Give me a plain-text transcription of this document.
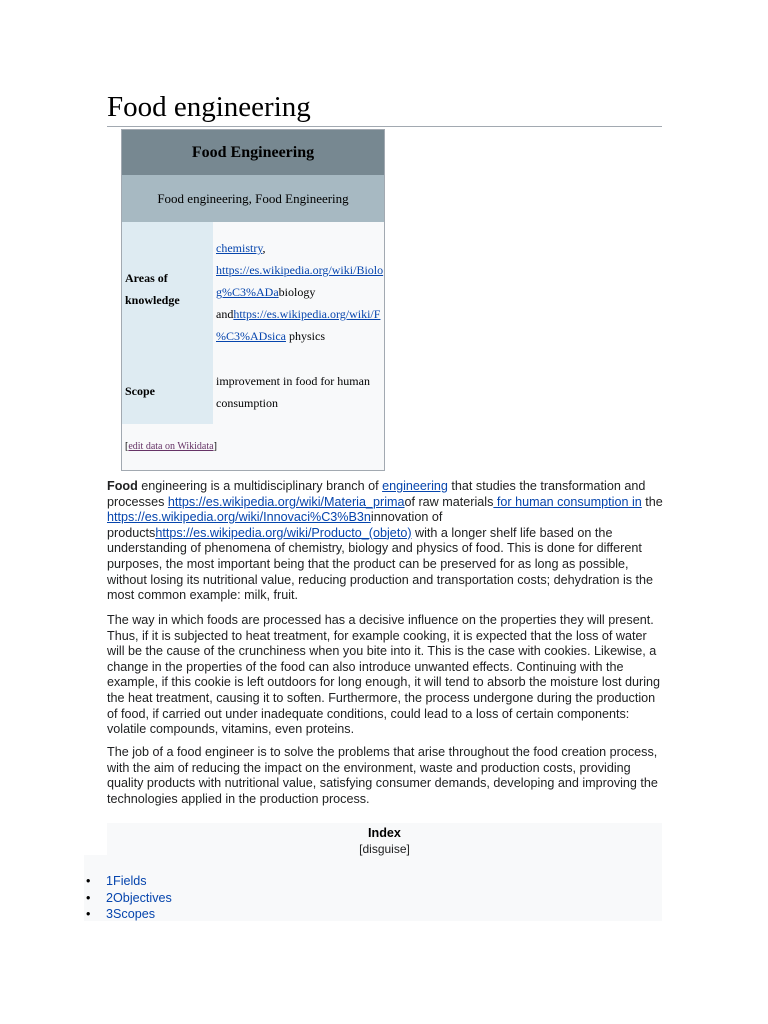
Food engineering
Food Engineering
Food engineering, Food Engineering
Areas of knowledge
chemistry,
https://es.wikipedia.org/wiki/Biolo
g%C3%ADabiology
andhttps://es.wikipedia.org/wiki/F
%C3%ADsica physics
Scope
improvement in food for human consumption
[edit data on Wikidata]

Food engineering is a multidisciplinary branch of engineering that studies the transformation and processes https://es.wikipedia.org/wiki/Materia_primaof raw materials for human consumption in the https://es.wikipedia.org/wiki/Innovaci%C3%B3ninnovation of productshttps://es.wikipedia.org/wiki/Producto_(objeto) with a longer shelf life based on the understanding of phenomena of chemistry, biology and physics of food. This is done for different purposes, the most important being that the product can be preserved for as long as possible, without losing its nutritional value, reducing production and transportation costs; dehydration is the most common example: milk, fruit.

The way in which foods are processed has a decisive influence on the properties they will present. Thus, if it is subjected to heat treatment, for example cooking, it is expected that the loss of water will be the cause of the crunchiness when you bite into it. This is the case with cookies. Likewise, a change in the properties of the food can also introduce unwanted effects. Continuing with the example, if this cookie is left outdoors for long enough, it will tend to absorb the moisture lost during the heat treatment, causing it to soften. Furthermore, the process undergone during the production of food, if carried out under inadequate conditions, could lead to a loss of certain components: volatile compounds, vitamins, even proteins.

The job of a food engineer is to solve the problems that arise throughout the food creation process, with the aim of reducing the impact on the environment, waste and production costs, providing quality products with nutritional value, satisfying consumer demands, developing and improving the technologies applied in the production process.

Index
[disguise]
• 1Fields
• 2Objectives
• 3Scopes
